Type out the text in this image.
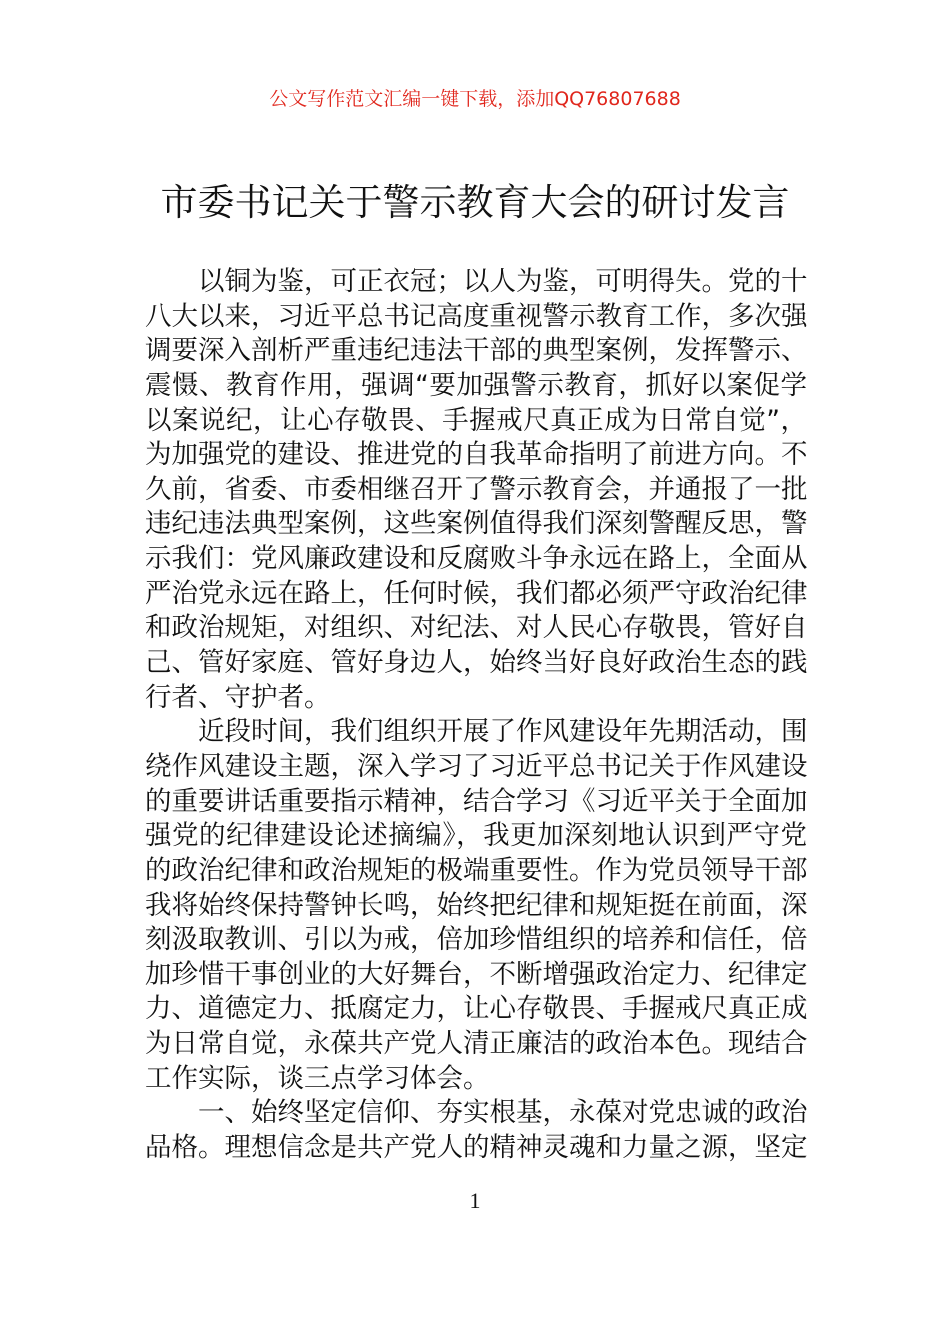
公文写作范文汇编一键下载，添加QQ76807688
市委书记关于警示教育大会的研讨发言
以铜为鉴，可正衣冠；以人为鉴，可明得失。党的十
八大以来，习近平总书记高度重视警示教育工作，多次强
调要深入剖析严重违纪违法干部的典型案例，发挥警示、
震慑、教育作用，强调“要加强警示教育，抓好以案促学
以案说纪，让心存敬畏、手握戒尺真正成为日常自觉”，
为加强党的建设、推进党的自我革命指明了前进方向。不
久前，省委、市委相继召开了警示教育会，并通报了一批
违纪违法典型案例，这些案例值得我们深刻警醒反思，警
示我们：党风廉政建设和反腐败斗争永远在路上，全面从
严治党永远在路上，任何时候，我们都必须严守政治纪律
和政治规矩，对组织、对纪法、对人民心存敬畏，管好自
己、管好家庭、管好身边人，始终当好良好政治生态的践
行者、守护者。
近段时间，我们组织开展了作风建设年先期活动，围
绕作风建设主题，深入学习了习近平总书记关于作风建设
的重要讲话重要指示精神，结合学习《习近平关于全面加
强党的纪律建设论述摘编》，我更加深刻地认识到严守党
的政治纪律和政治规矩的极端重要性。作为党员领导干部
我将始终保持警钟长鸣，始终把纪律和规矩挺在前面，深
刻汲取教训、引以为戒，倍加珍惜组织的培养和信任，倍
加珍惜干事创业的大好舞台，不断增强政治定力、纪律定
力、道德定力、抵腐定力，让心存敬畏、手握戒尺真正成
为日常自觉，永葆共产党人清正廉洁的政治本色。现结合
工作实际，谈三点学习体会。
一、始终坚定信仰、夯实根基，永葆对党忠诚的政治
品格。理想信念是共产党人的精神灵魂和力量之源，坚定
1
